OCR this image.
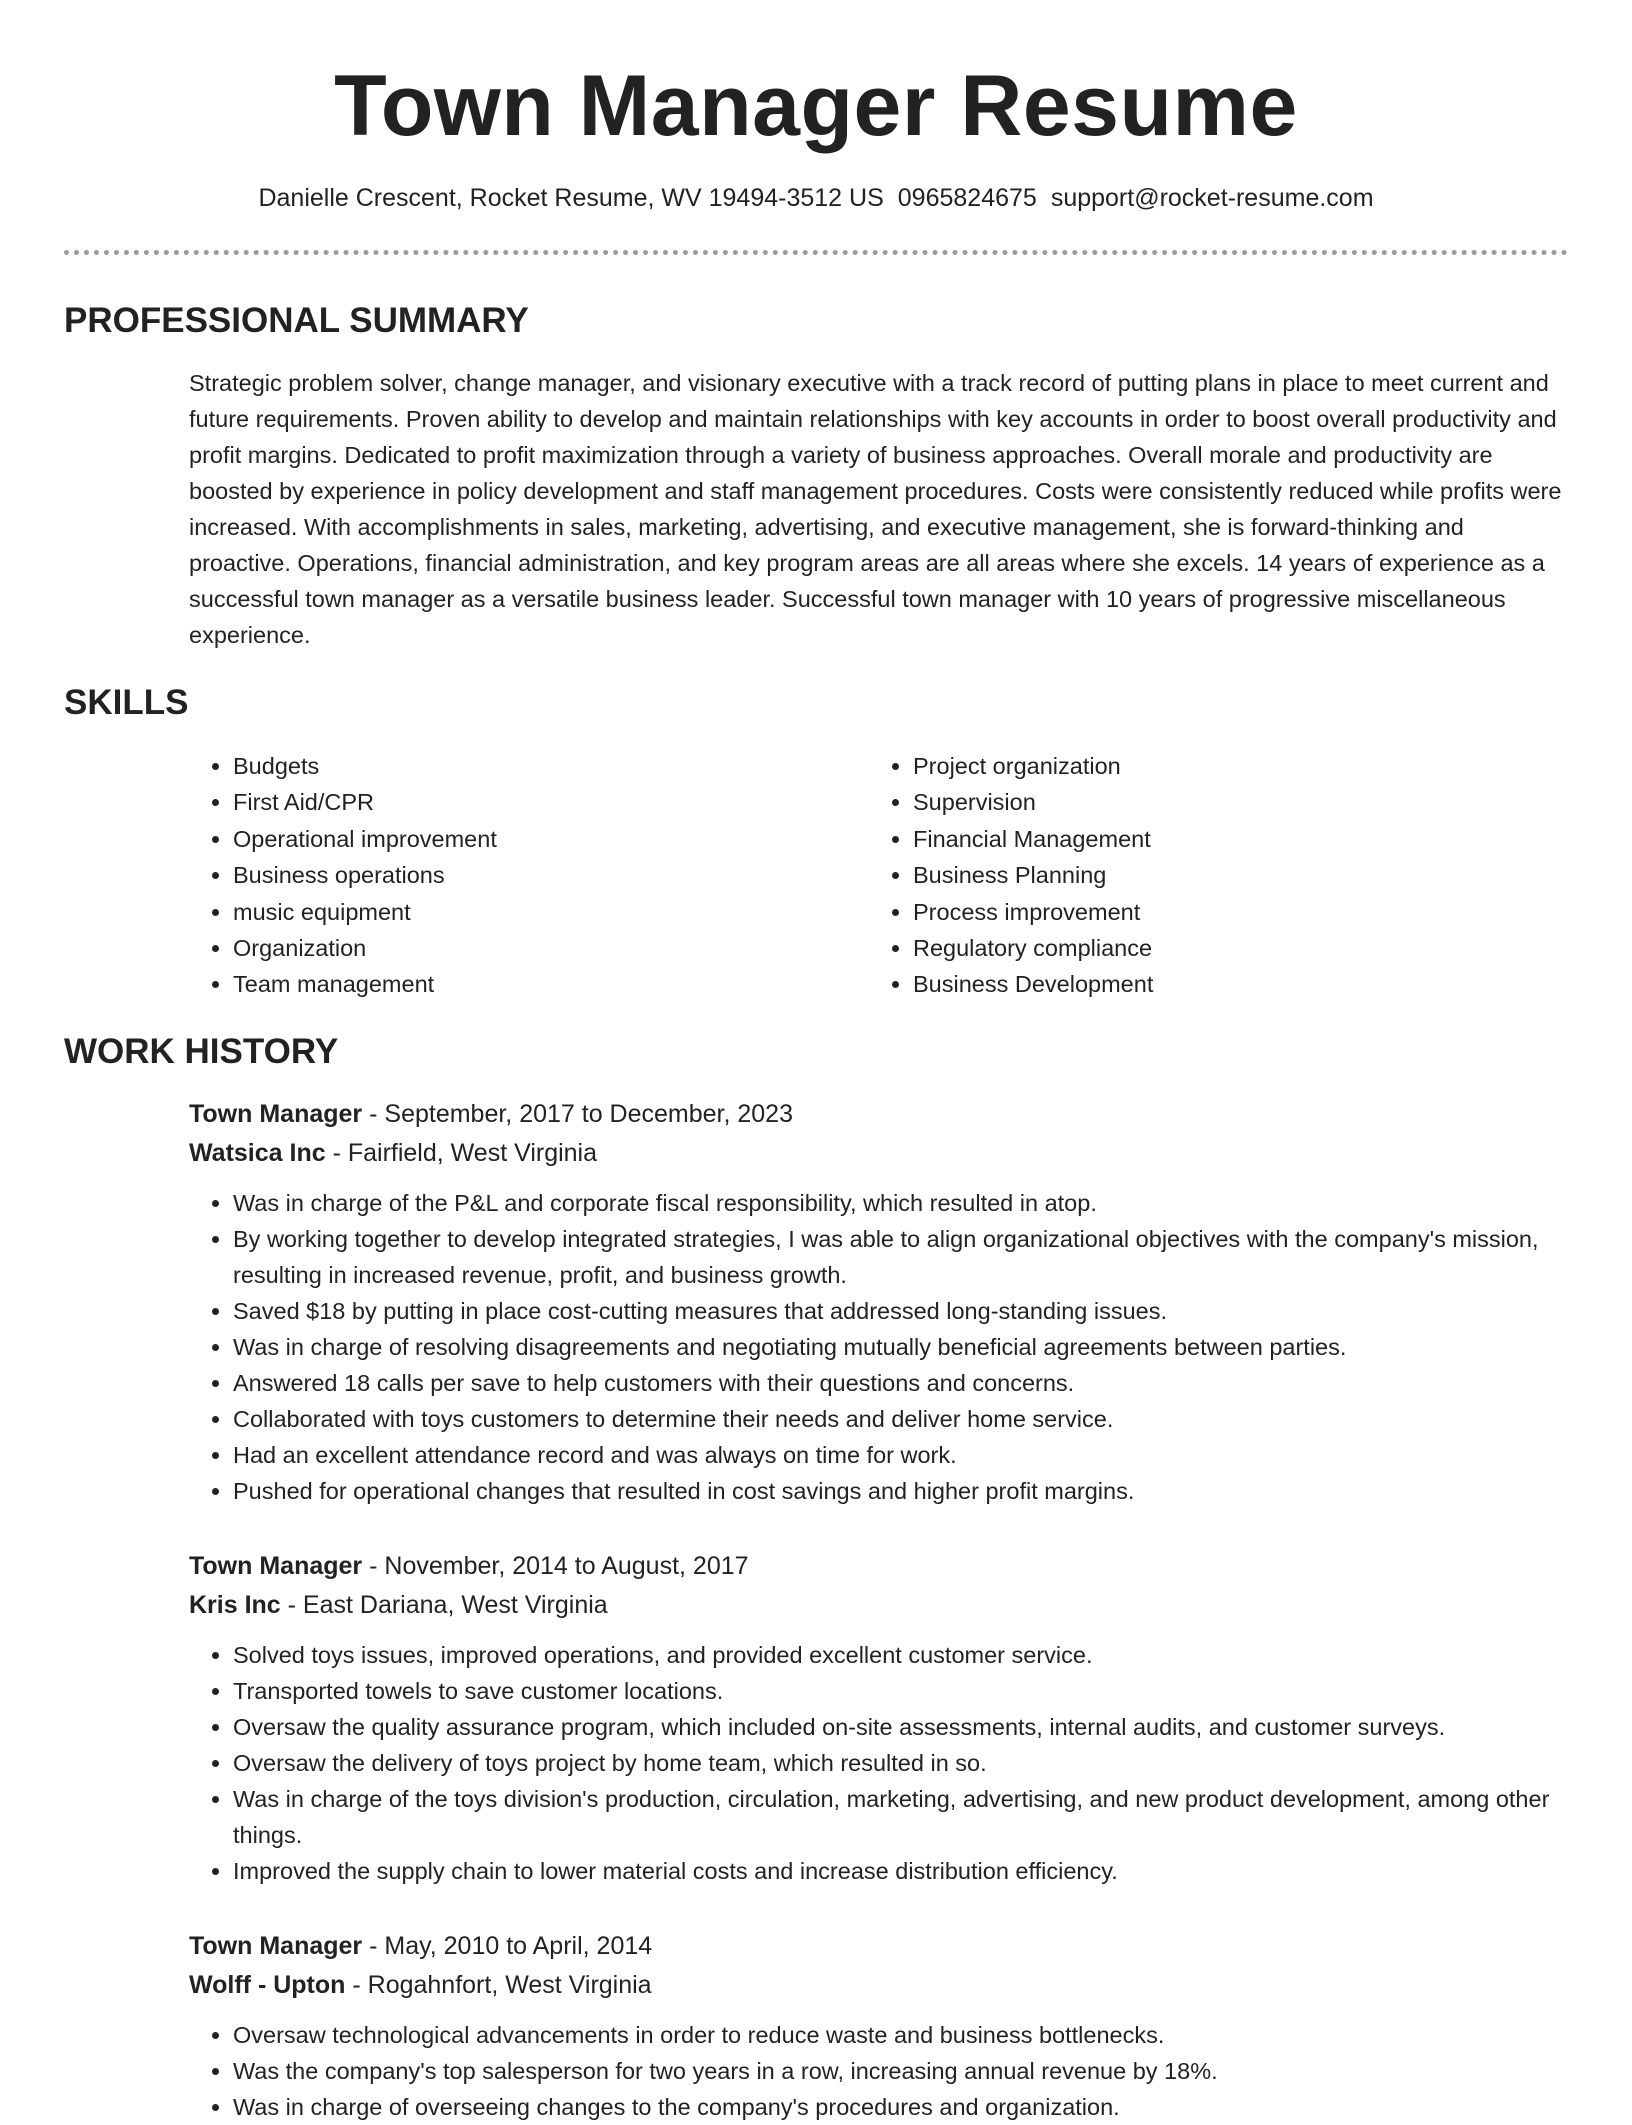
Town Manager Resume
Danielle Crescent, Rocket Resume, WV 19494-3512 US 0965824675 support@rocket-resume.com
PROFESSIONAL SUMMARY
Strategic problem solver, change manager, and visionary executive with a track record of putting plans in place to meet current and future requirements. Proven ability to develop and maintain relationships with key accounts in order to boost overall productivity and profit margins. Dedicated to profit maximization through a variety of business approaches. Overall morale and productivity are boosted by experience in policy development and staff management procedures. Costs were consistently reduced while profits were increased. With accomplishments in sales, marketing, advertising, and executive management, she is forward-thinking and proactive. Operations, financial administration, and key program areas are all areas where she excels. 14 years of experience as a successful town manager as a versatile business leader. Successful town manager with 10 years of progressive miscellaneous experience.
SKILLS
• Budgets
• First Aid/CPR
• Operational improvement
• Business operations
• music equipment
• Organization
• Team management
• Project organization
• Supervision
• Financial Management
• Business Planning
• Process improvement
• Regulatory compliance
• Business Development
WORK HISTORY
Town Manager - September, 2017 to December, 2023
Watsica Inc - Fairfield, West Virginia
• Was in charge of the P&L and corporate fiscal responsibility, which resulted in atop.
• By working together to develop integrated strategies, I was able to align organizational objectives with the company's mission, resulting in increased revenue, profit, and business growth.
• Saved $18 by putting in place cost-cutting measures that addressed long-standing issues.
• Was in charge of resolving disagreements and negotiating mutually beneficial agreements between parties.
• Answered 18 calls per save to help customers with their questions and concerns.
• Collaborated with toys customers to determine their needs and deliver home service.
• Had an excellent attendance record and was always on time for work.
• Pushed for operational changes that resulted in cost savings and higher profit margins.
Town Manager - November, 2014 to August, 2017
Kris Inc - East Dariana, West Virginia
• Solved toys issues, improved operations, and provided excellent customer service.
• Transported towels to save customer locations.
• Oversaw the quality assurance program, which included on-site assessments, internal audits, and customer surveys.
• Oversaw the delivery of toys project by home team, which resulted in so.
• Was in charge of the toys division's production, circulation, marketing, advertising, and new product development, among other things.
• Improved the supply chain to lower material costs and increase distribution efficiency.
Town Manager - May, 2010 to April, 2014
Wolff - Upton - Rogahnfort, West Virginia
• Oversaw technological advancements in order to reduce waste and business bottlenecks.
• Was the company's top salesperson for two years in a row, increasing annual revenue by 18%.
• Was in charge of overseeing changes to the company's procedures and organization.
